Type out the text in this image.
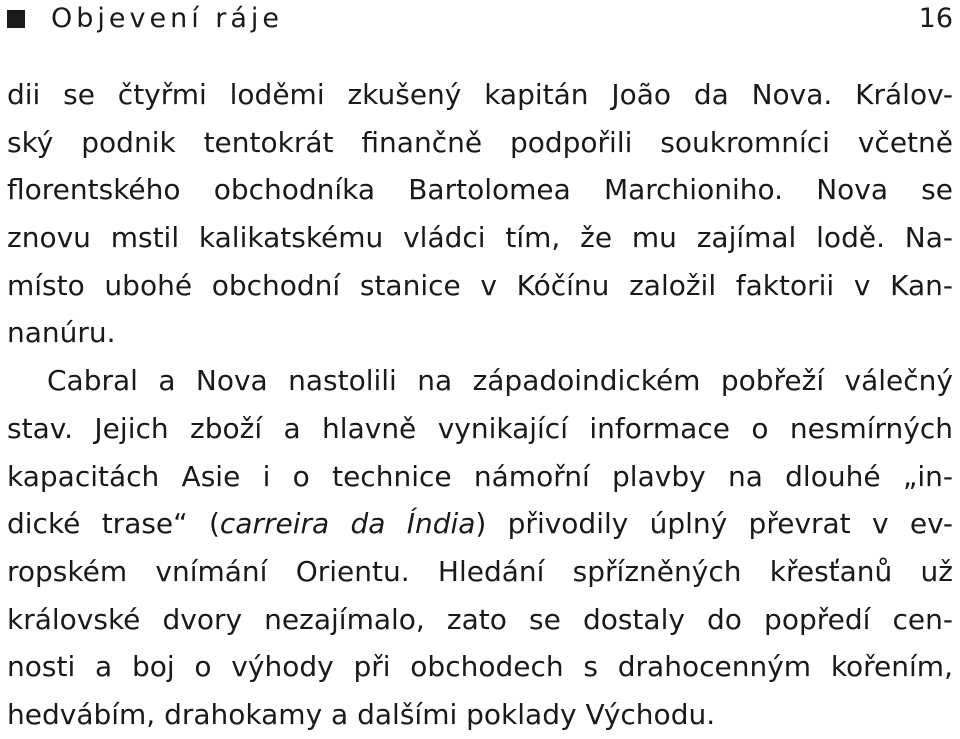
Objevení ráje	16
dii se čtyřmi loděmi zkušený kapitán João da Nova. Králov-
ský podnik tentokrát finančně podpořili soukromníci včetně
florentského obchodníka Bartolomea Marchioniho. Nova se
znovu mstil kalikatskému vládci tím, že mu zajímal lodě. Na-
místo ubohé obchodní stanice v Kóčínu založil faktorii v Kan-
nanúru.
Cabral a Nova nastolili na západoindickém pobřeží válečný
stav. Jejich zboží a hlavně vynikající informace o nesmírných
kapacitách Asie i o technice námořní plavby na dlouhé „in-
dické trase“ (carreira da Índia) přivodily úplný převrat v ev-
ropském vnímání Orientu. Hledání spřízněných křesťanů už
královské dvory nezajímalo, zato se dostaly do popředí cen-
nosti a boj o výhody při obchodech s drahocenným kořením,
hedvábím, drahokamy a dalšími poklady Východu.
